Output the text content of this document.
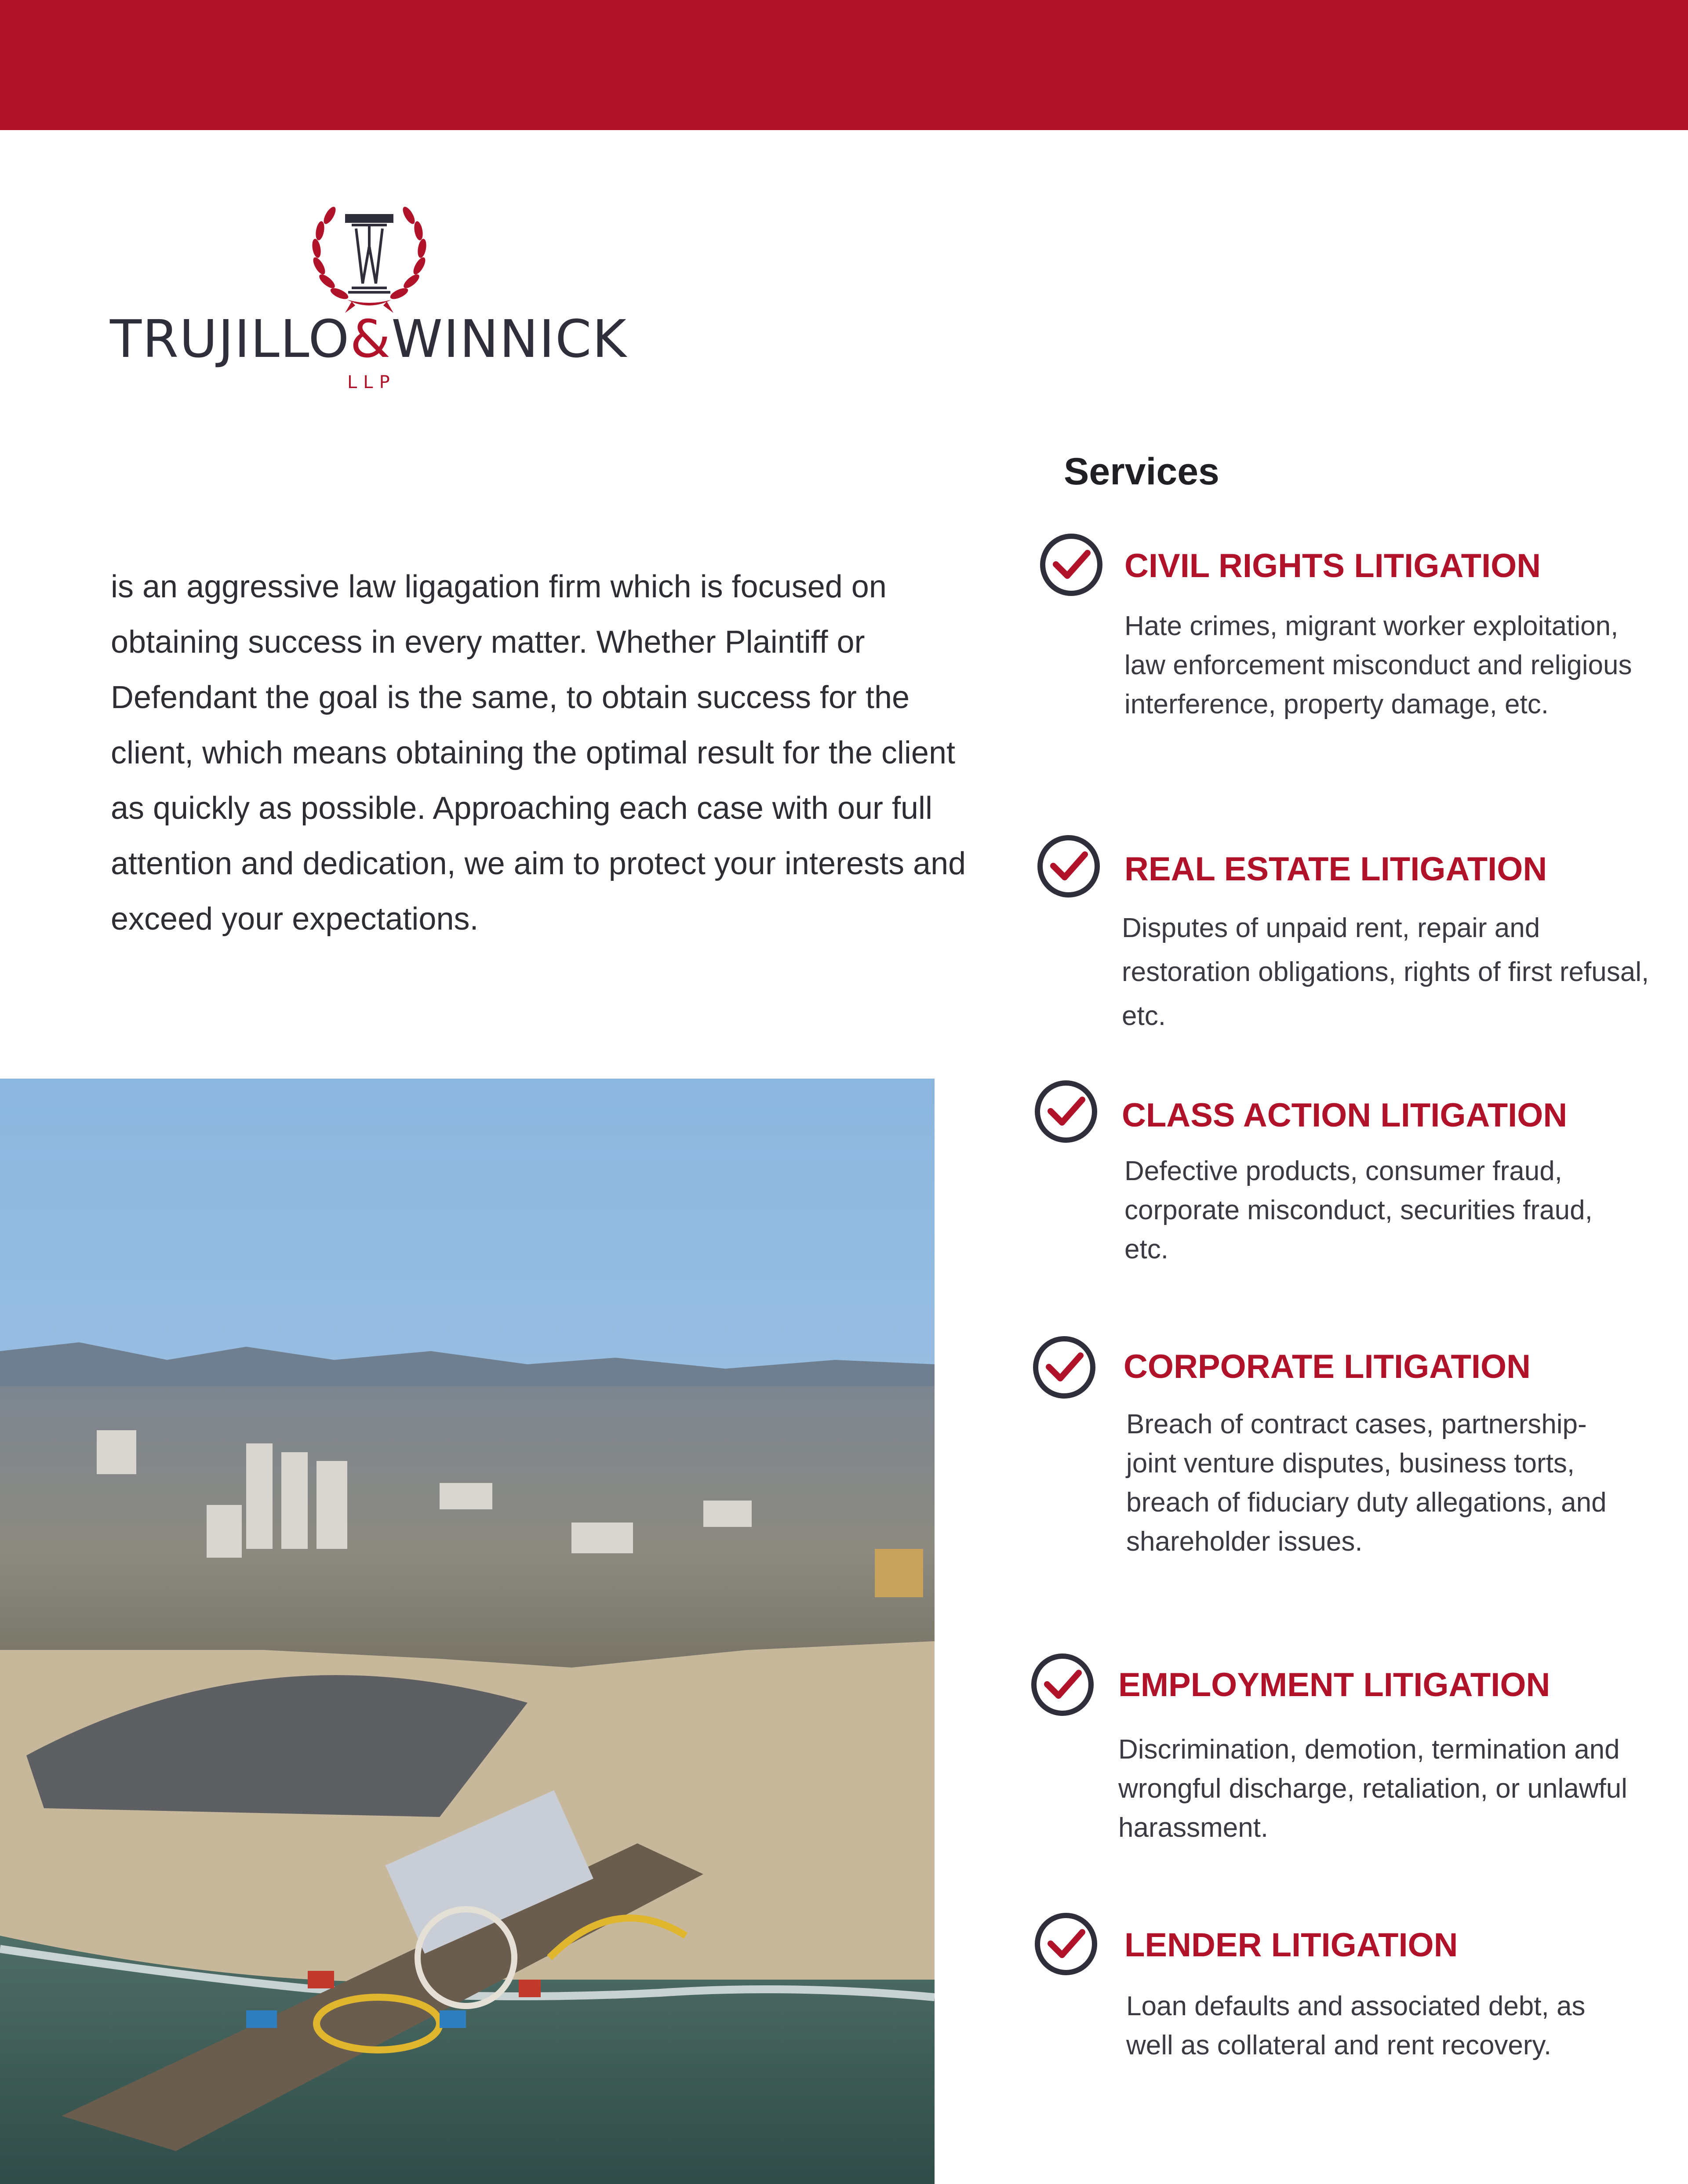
TRUJILLO&WINNICK
LLP

is an aggressive law ligagation firm which is focused on obtaining success in every matter. Whether Plaintiff or Defendant the goal is the same, to obtain success for the client, which means obtaining the optimal result for the client as quickly as possible. Approaching each case with our full attention and dedication, we aim to protect your interests and exceed your expectations.

Services
CIVIL RIGHTS LITIGATION
Hate crimes, migrant worker exploitation, law enforcement misconduct and religious interference, property damage, etc.
REAL ESTATE LITIGATION
Disputes of unpaid rent, repair and restoration obligations, rights of first refusal, etc.
CLASS ACTION LITIGATION
Defective products, consumer fraud, corporate misconduct, securities fraud, etc.
CORPORATE LITIGATION
Breach of contract cases, partnership- joint venture disputes, business torts, breach of fiduciary duty allegations, and shareholder issues.
EMPLOYMENT LITIGATION
Discrimination, demotion, termination and wrongful discharge, retaliation, or unlawful harassment.
LENDER LITIGATION
Loan defaults and associated debt, as well as collateral and rent recovery.
